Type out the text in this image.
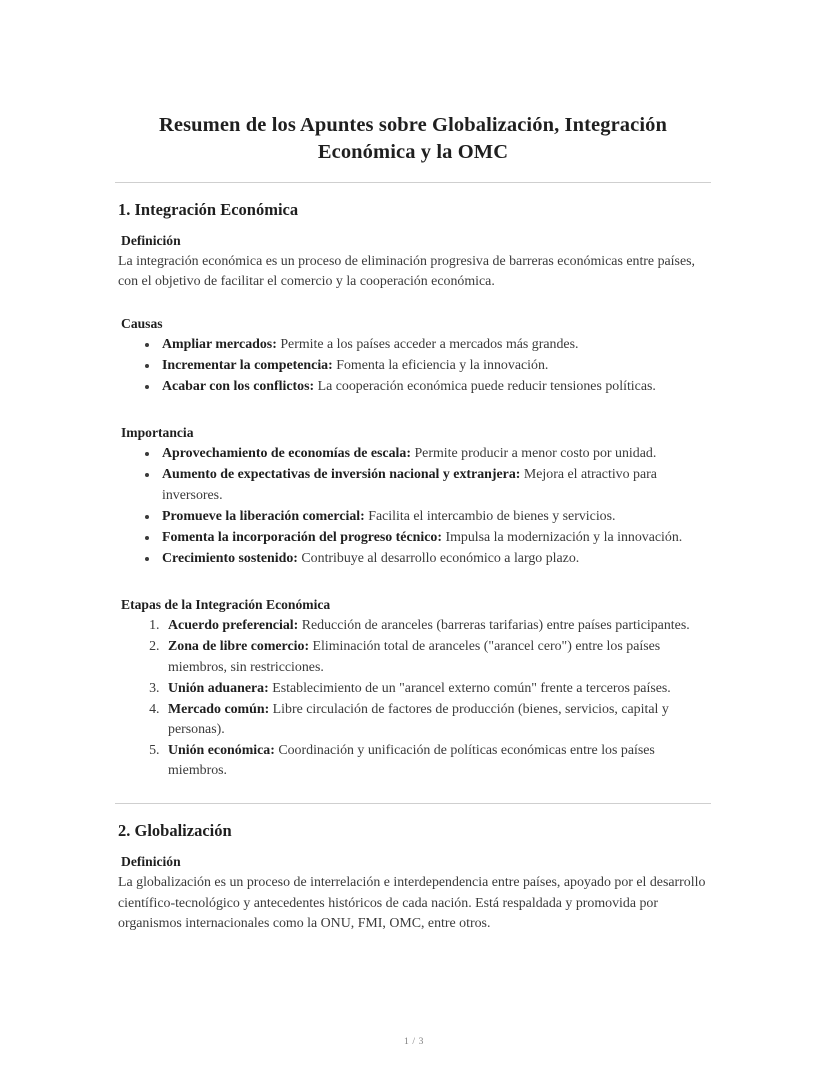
Resumen de los Apuntes sobre Globalización, Integración Económica y la OMC
1. Integración Económica
Definición

La integración económica es un proceso de eliminación progresiva de barreras económicas entre países, con el objetivo de facilitar el comercio y la cooperación económica.

Causas
• Ampliar mercados: Permite a los países acceder a mercados más grandes.
• Incrementar la competencia: Fomenta la eficiencia y la innovación.
• Acabar con los conflictos: La cooperación económica puede reducir tensiones políticas.
Importancia
• Aprovechamiento de economías de escala: Permite producir a menor costo por unidad.
• Aumento de expectativas de inversión nacional y extranjera: Mejora el atractivo para inversores.
• Promueve la liberación comercial: Facilita el intercambio de bienes y servicios.
• Fomenta la incorporación del progreso técnico: Impulsa la modernización y la innovación.
• Crecimiento sostenido: Contribuye al desarrollo económico a largo plazo.
Etapas de la Integración Económica
1. Acuerdo preferencial: Reducción de aranceles (barreras tarifarias) entre países participantes.
2. Zona de libre comercio: Eliminación total de aranceles ("arancel cero") entre los países miembros, sin restricciones.
3. Unión aduanera: Establecimiento de un "arancel externo común" frente a terceros países.
4. Mercado común: Libre circulación de factores de producción (bienes, servicios, capital y personas).
5. Unión económica: Coordinación y unificación de políticas económicas entre los países miembros.
2. Globalización
Definición

La globalización es un proceso de interrelación e interdependencia entre países, apoyado por el desarrollo científico-tecnológico y antecedentes históricos de cada nación. Está respaldada y promovida por organismos internacionales como la ONU, FMI, OMC, entre otros.

1 / 3
